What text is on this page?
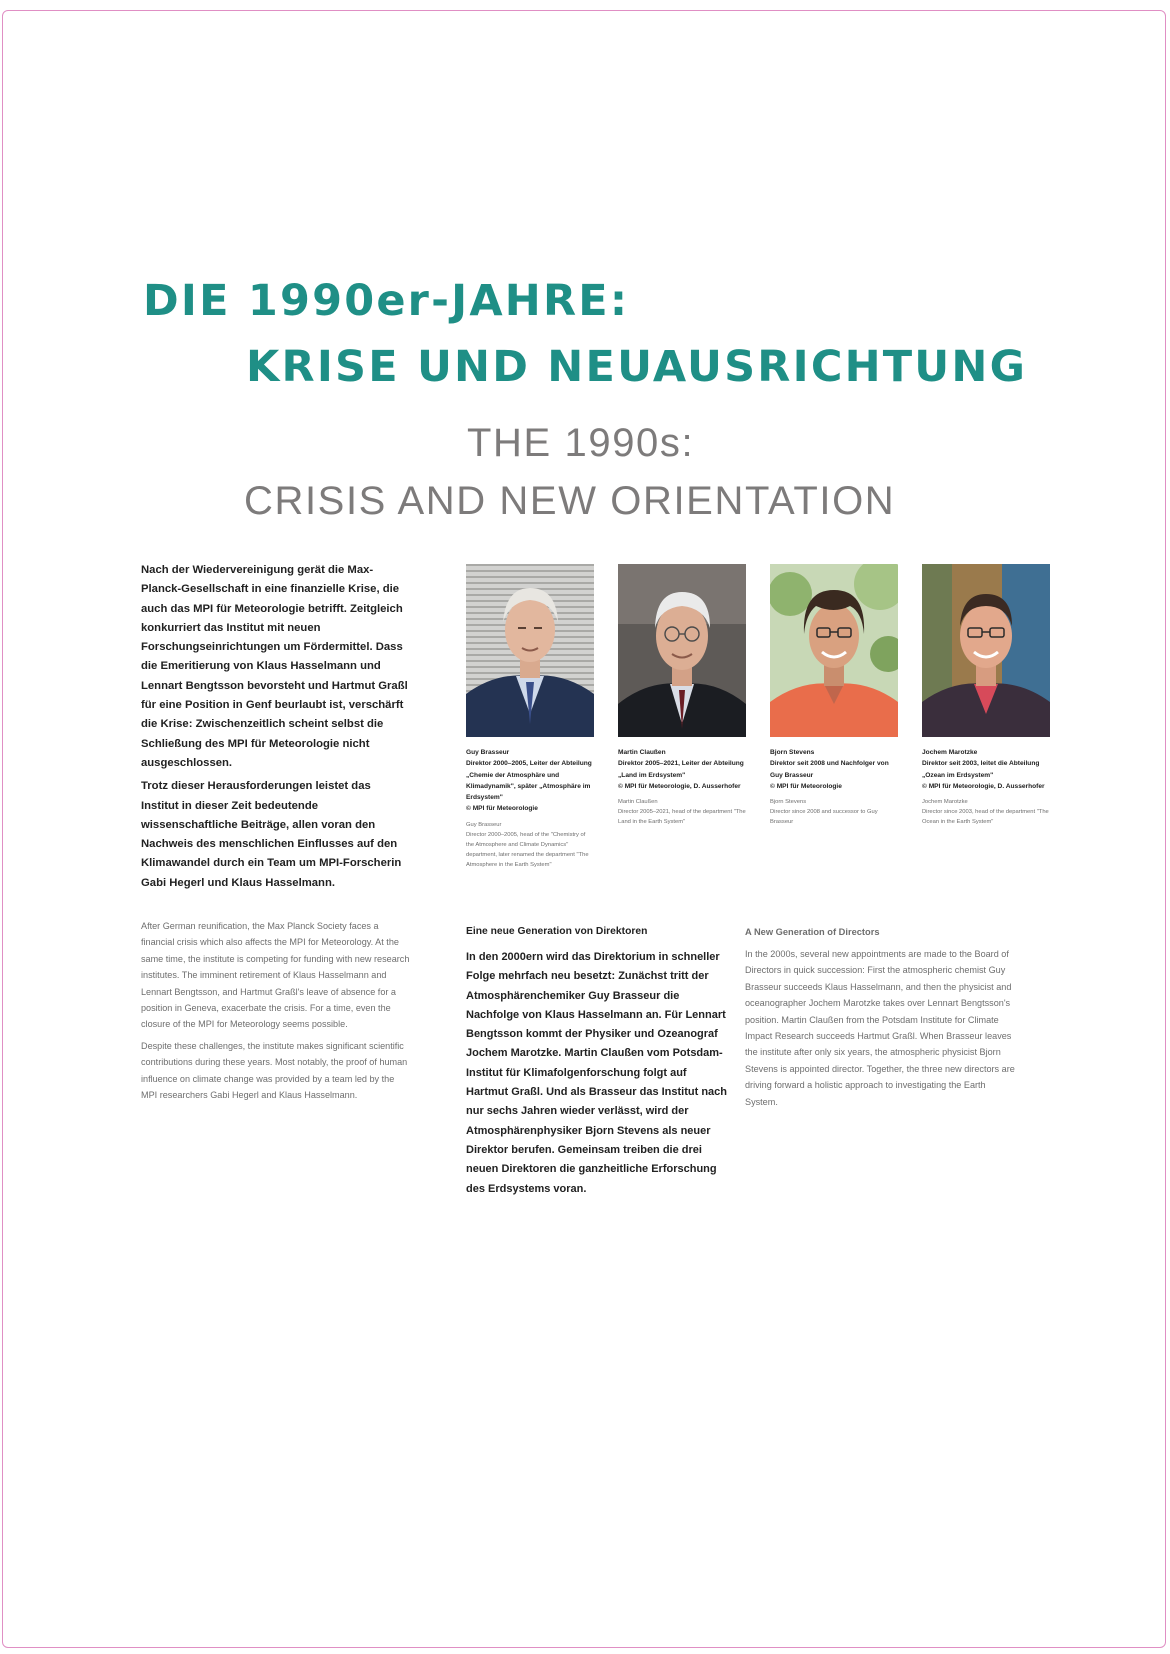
DIE 1990er-JAHRE:
KRISE UND NEUAUSRICHTUNG
THE 1990s:
CRISIS AND NEW ORIENTATION

Nach der Wiedervereinigung gerät die Max-Planck-Gesellschaft in eine finanzielle Krise, die auch das MPI für Meteorologie betrifft. Zeitgleich konkurriert das Institut mit neuen Forschungseinrichtungen um Fördermittel. Dass die Emeritierung von Klaus Hasselmann und Lennart Bengtsson bevorsteht und Hartmut Graßl für eine Position in Genf beurlaubt ist, verschärft die Krise: Zwischenzeitlich scheint selbst die Schließung des MPI für Meteorologie nicht ausgeschlossen.

Trotz dieser Herausforderungen leistet das Institut in dieser Zeit bedeutende wissenschaftliche Beiträge, allen voran den Nachweis des menschlichen Einflusses auf den Klimawandel durch ein Team um MPI-Forscherin Gabi Hegerl und Klaus Hasselmann.

After German reunification, the Max Planck Society faces a financial crisis which also affects the MPI for Meteorology. At the same time, the institute is competing for funding with new research institutes. The imminent retirement of Klaus Hasselmann and Lennart Bengtsson, and Hartmut Graßl's leave of absence for a position in Geneva, exacerbate the crisis. For a time, even the closure of the MPI for Meteorology seems possible.

Despite these challenges, the institute makes significant scientific contributions during these years. Most notably, the proof of human influence on climate change was provided by a team led by the MPI researchers Gabi Hegerl and Klaus Hasselmann.

Guy Brasseur
Direktor 2000–2005, Leiter der Abteilung „Chemie der Atmosphäre und Klimadynamik", später „Atmosphäre im Erdsystem"
© MPI für Meteorologie
Guy Brasseur
Director 2000–2005, head of the "Chemistry of the Atmosphere and Climate Dynamics" department, later renamed the department "The Atmosphere in the Earth System"
Martin Claußen
Direktor 2005–2021, Leiter der Abteilung „Land im Erdsystem"
© MPI für Meteorologie, D. Ausserhofer
Martin Claußen
Director 2005–2021, head of the department "The Land in the Earth System"
Bjorn Stevens
Direktor seit 2008 und Nachfolger von Guy Brasseur
© MPI für Meteorologie
Bjorn Stevens
Director since 2008 and successor to Guy Brasseur
Jochem Marotzke
Direktor seit 2003, leitet die Abteilung „Ozean im Erdsystem"
© MPI für Meteorologie, D. Ausserhofer
Jochem Marotzke
Director since 2003, head of the department "The Ocean in the Earth System"
Eine neue Generation von Direktoren
In den 2000ern wird das Direktorium in schneller Folge mehrfach neu besetzt: Zunächst tritt der Atmosphärenchemiker Guy Brasseur die Nachfolge von Klaus Hasselmann an. Für Lennart Bengtsson kommt der Physiker und Ozeanograf Jochem Marotzke. Martin Claußen vom Potsdam-Institut für Klimafolgenforschung folgt auf Hartmut Graßl. Und als Brasseur das Institut nach nur sechs Jahren wieder verlässt, wird der Atmosphärenphysiker Bjorn Stevens als neuer Direktor berufen. Gemeinsam treiben die drei neuen Direktoren die ganzheitliche Erforschung des Erdsystems voran.
A New Generation of Directors
In the 2000s, several new appointments are made to the Board of Directors in quick succession: First the atmospheric chemist Guy Brasseur succeeds Klaus Hasselmann, and then the physicist and oceanographer Jochem Marotzke takes over Lennart Bengtsson's position. Martin Claußen from the Potsdam Institute for Climate Impact Research succeeds Hartmut Graßl. When Brasseur leaves the institute after only six years, the atmospheric physicist Bjorn Stevens is appointed director. Together, the three new directors are driving forward a holistic approach to investigating the Earth System.
